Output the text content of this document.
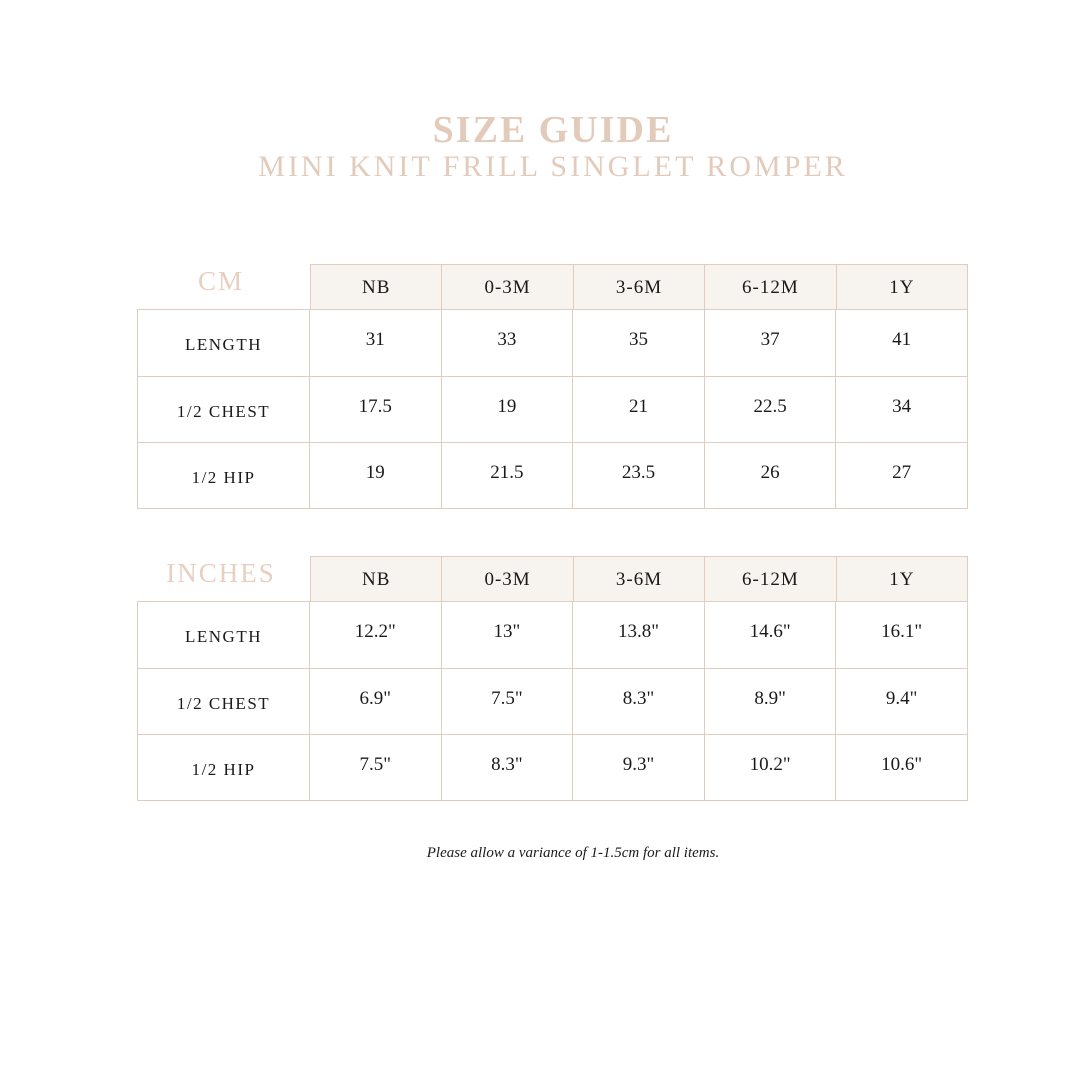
SIZE GUIDE
MINI KNIT FRILL SINGLET ROMPER
CM	NB	0-3M	3-6M	6-12M	1Y
LENGTH	31	33	35	37	41
1/2 CHEST	17.5	19	21	22.5	34
1/2 HIP	19	21.5	23.5	26	27
INCHES	NB	0-3M	3-6M	6-12M	1Y
LENGTH	12.2"	13"	13.8"	14.6"	16.1"
1/2 CHEST	6.9"	7.5"	8.3"	8.9"	9.4"
1/2 HIP	7.5"	8.3"	9.3"	10.2"	10.6"
Please allow a variance of 1-1.5cm for all items.
